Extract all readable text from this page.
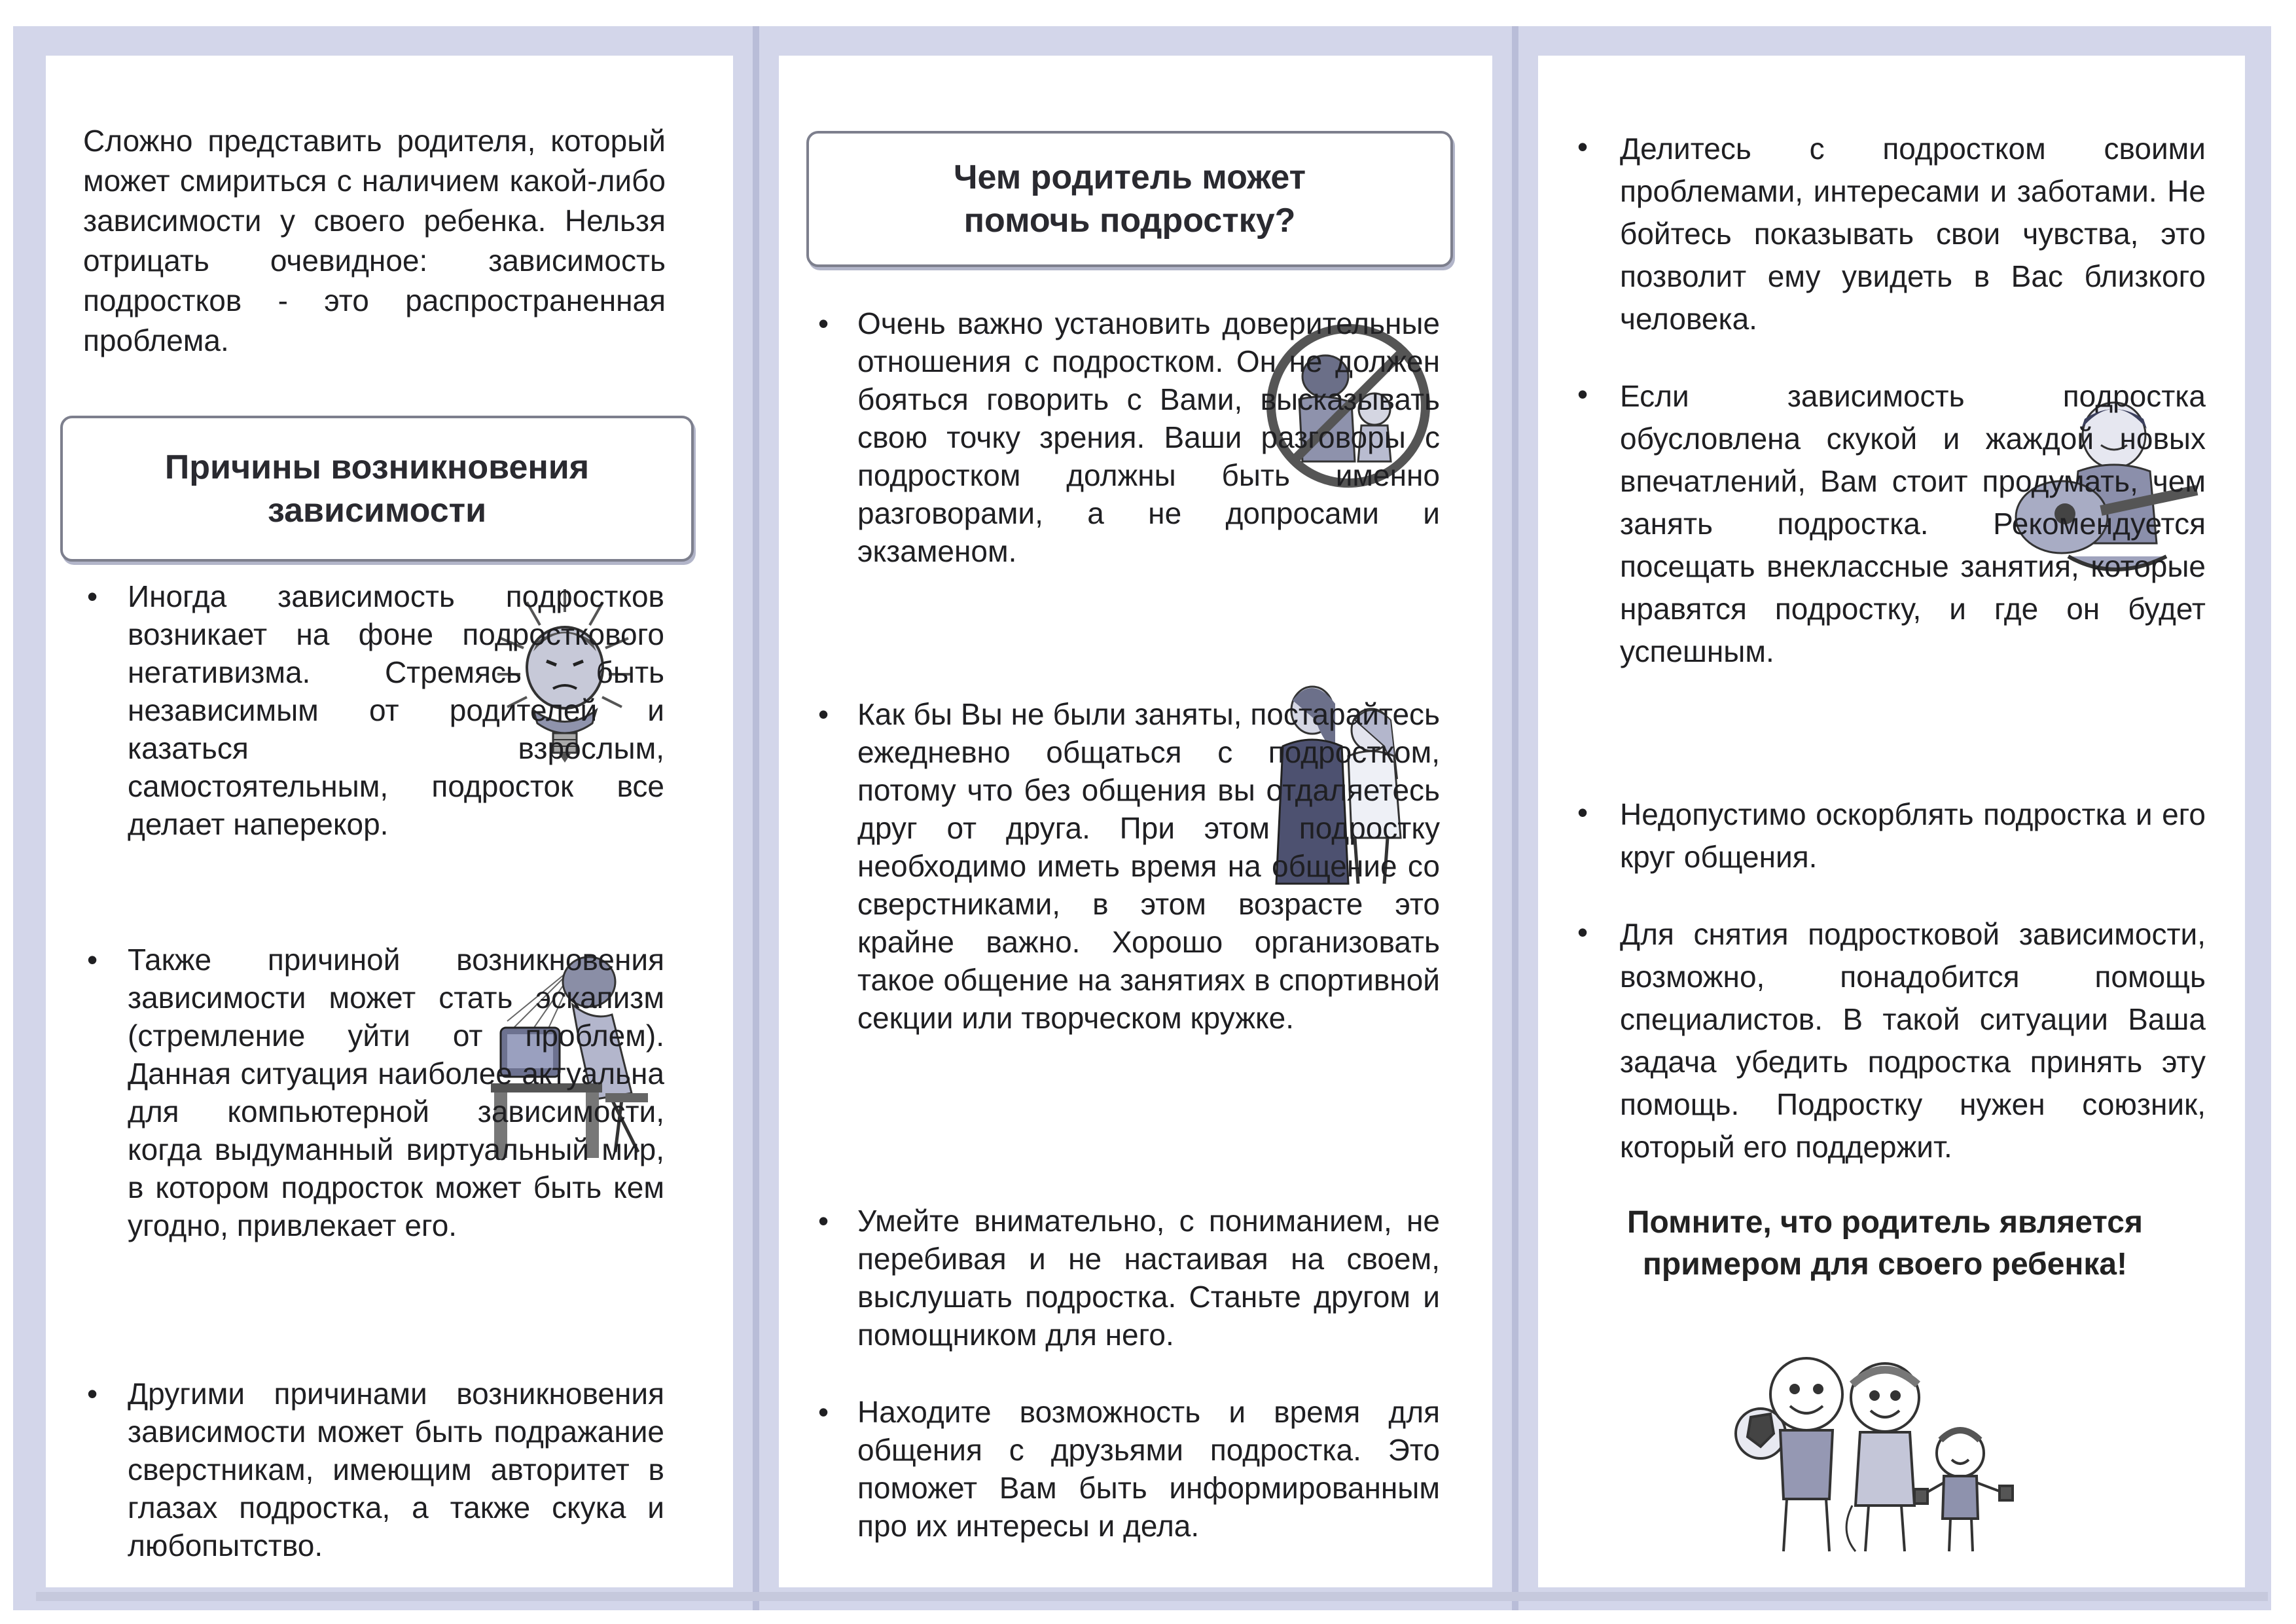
Сложно представить родителя, который может смириться с наличием какой-либо зависимости у своего ребенка. Нельзя отрицать очевидное: зависимость подростков - это распространенная проблема.

Причины возникновения зависимости

• Иногда зависимость подростков возникает на фоне подросткового негативизма. Стремясь быть независимым от родителей и казаться взрослым, самостоятельным, подросток все делает наперекор.

• Также причиной возникновения зависимости может стать эскапизм (стремление уйти от проблем). Данная ситуация наиболее актуальна для компьютерной зависимости, когда выдуманный виртуальный мир, в котором подросток может быть кем угодно, привлекает его.

• Другими причинами возникновения зависимости может быть подражание сверстникам, имеющим авторитет в глазах подростка, а также скука и любопытство.

Чем родитель может помочь подростку?

• Очень важно установить доверительные отношения с подростком. Он не должен бояться говорить с Вами, высказывать свою точку зрения. Ваши разговоры с подростком должны быть именно разговорами, а не допросами и экзаменом.

• Как бы Вы не были заняты, постарайтесь ежедневно общаться с подростком, потому что без общения вы отдаляетесь друг от друга. При этом подростку необходимо иметь время на общение со сверстниками, в этом возрасте это крайне важно. Хорошо организовать такое общение на занятиях в спортивной секции или творческом кружке.

• Умейте внимательно, с пониманием, не перебивая и не настаивая на своем, выслушать подростка. Станьте другом и помощником для него.

• Находите возможность и время для общения с друзьями подростка. Это поможет Вам быть информированным про их интересы и дела.

• Делитесь с подростком своими проблемами, интересами и заботами. Не бойтесь показывать свои чувства, это позволит ему увидеть в Вас близкого человека.

• Если зависимость подростка обусловлена скукой и жаждой новых впечатлений, Вам стоит продумать, чем занять подростка. Рекомендуется посещать внеклассные занятия, которые нравятся подростку, и где он будет успешным.

• Недопустимо оскорблять подростка и его круг общения.

• Для снятия подростковой зависимости, возможно, понадобится помощь специалистов. В такой ситуации Ваша задача убедить подростка принять эту помощь. Подростку нужен союзник, который его поддержит.

Помните, что родитель является примером для своего ребенка!
